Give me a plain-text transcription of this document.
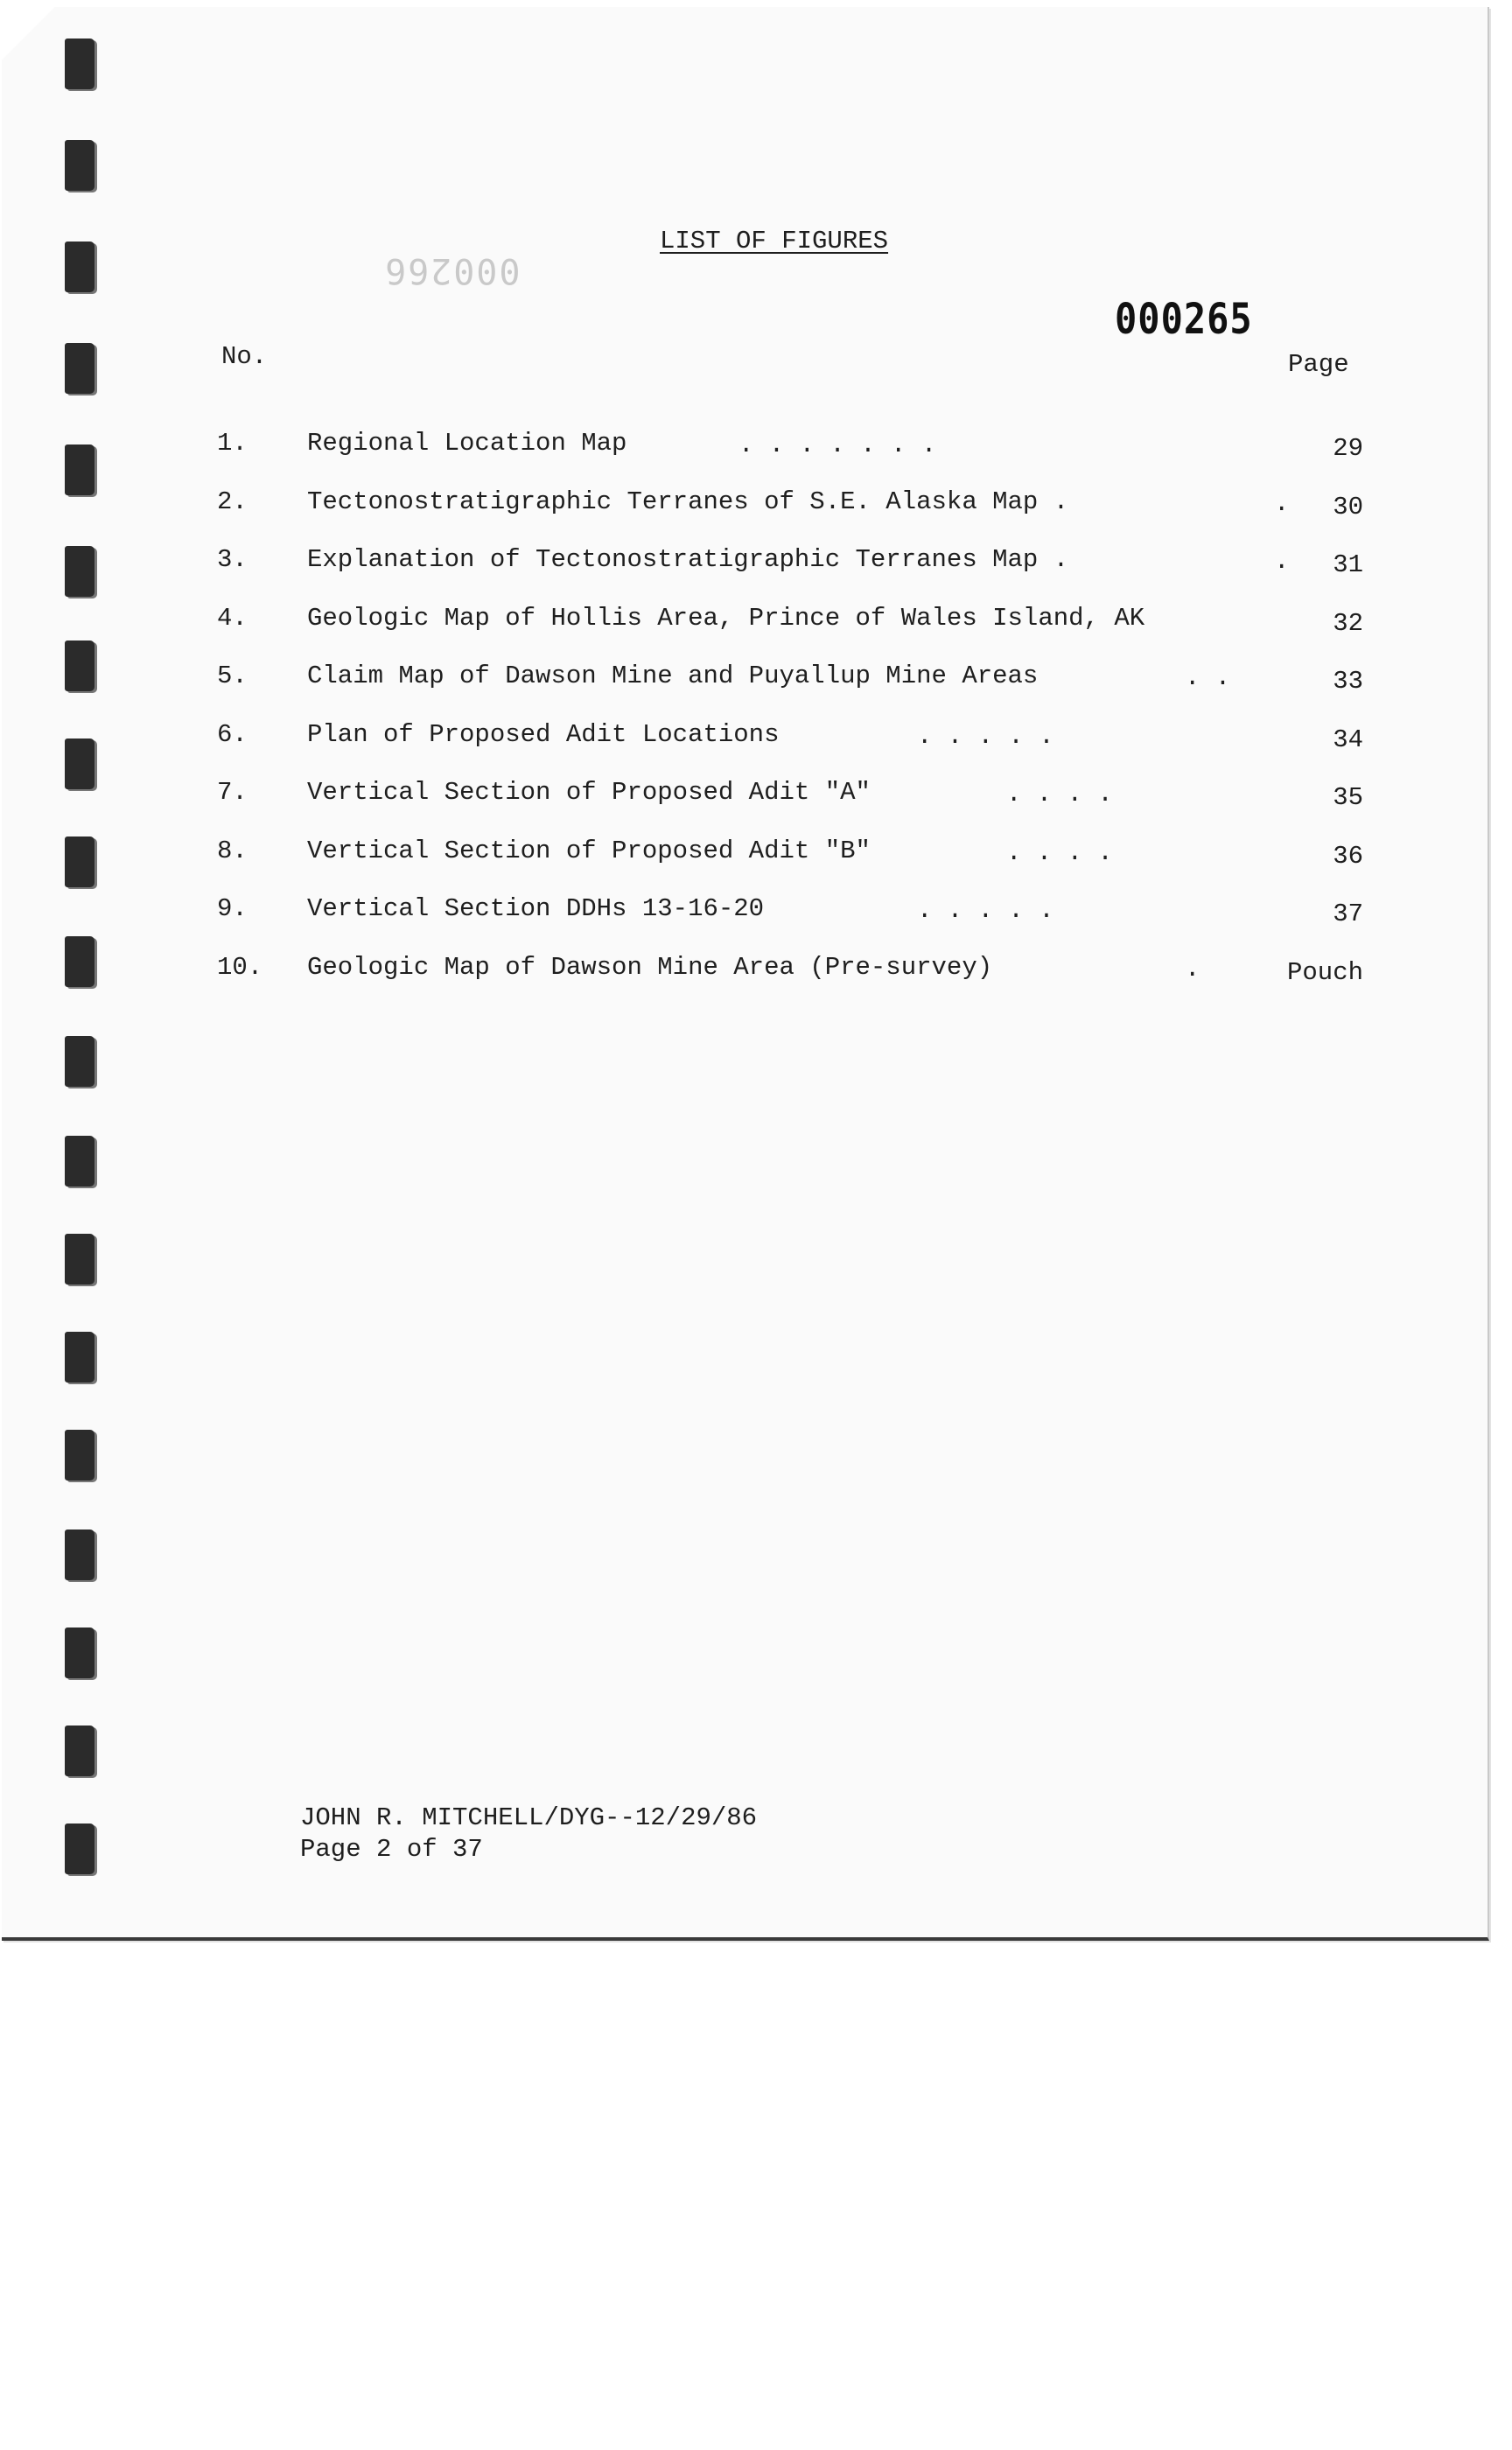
000266
000265
LIST OF FIGURES
No.	Page
1. Regional Location Map	. . . . . . .	29
2. Tectonostratigraphic Terranes of S.E. Alaska Map .	. 30
3. Explanation of Tectonostratigraphic Terranes Map .	. 31
4. Geologic Map of Hollis Area, Prince of Wales Island, AK	32
5. Claim Map of Dawson Mine and Puyallup Mine Areas	. .	33
6. Plan of Proposed Adit Locations	. . . . .	34
7. Vertical Section of Proposed Adit "A"	. . . .	35
8. Vertical Section of Proposed Adit "B"	. . . .	36
9. Vertical Section DDHs 13-16-20	. . . . .	37
10. Geologic Map of Dawson Mine Area (Pre-survey)	.	Pouch
JOHN R. MITCHELL/DYG--12/29/86
Page 2 of 37
